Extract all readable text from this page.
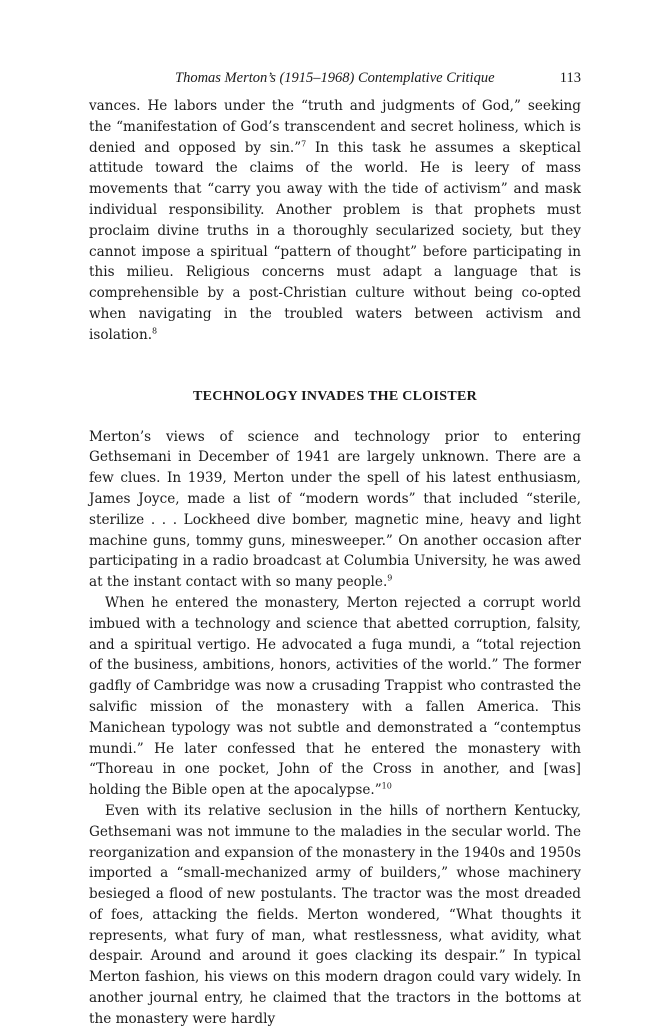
Thomas Merton’s (1915–1968) Contemplative Critique	113

vances. He labors under the “truth and judgments of God,” seeking the “manifestation of God’s transcendent and secret holiness, which is denied and opposed by sin.”$^7$ In this task he assumes a skeptical attitude toward the claims of the world. He is leery of mass movements that “carry you away with the tide of activism” and mask individual responsibility. Another problem is that prophets must proclaim divine truths in a thoroughly secularized society, but they cannot impose a spiritual “pattern of thought” before participating in this milieu. Religious concerns must adapt a language that is comprehensible by a post-Christian culture without being co-opted when navigating in the troubled waters between activism and isolation.$^8$

TECHNOLOGY INVADES THE CLOISTER

Merton’s views of science and technology prior to entering Gethsemani in December of 1941 are largely unknown. There are a few clues. In 1939, Merton under the spell of his latest enthusiasm, James Joyce, made a list of “modern words” that included “sterile, sterilize . . . Lockheed dive bomber, magnetic mine, heavy and light machine guns, tommy guns, minesweeper.” On another occasion after participating in a radio broadcast at Columbia University, he was awed at the instant contact with so many people.$^9$

When he entered the monastery, Merton rejected a corrupt world imbued with a technology and science that abetted corruption, falsity, and a spiritual vertigo. He advocated a fuga mundi, a “total rejection of the business, ambitions, honors, activities of the world.” The former gadfly of Cambridge was now a crusading Trappist who contrasted the salvific mission of the monastery with a fallen America. This Manichean typology was not subtle and demonstrated a “contemptus mundi.” He later confessed that he entered the monastery with “Thoreau in one pocket, John of the Cross in another, and [was] holding the Bible open at the apocalypse.”$^{10}$

Even with its relative seclusion in the hills of northern Kentucky, Gethsemani was not immune to the maladies in the secular world. The reorganization and expansion of the monastery in the 1940s and 1950s imported a “small-mechanized army of builders,” whose machinery besieged a flood of new postulants. The tractor was the most dreaded of foes, attacking the fields. Merton wondered, “What thoughts it represents, what fury of man, what restlessness, what avidity, what despair. Around and around it goes clacking its despair.” In typical Merton fashion, his views on this modern dragon could vary widely. In another journal entry, he claimed that the tractors in the bottoms at the monastery were hardly
